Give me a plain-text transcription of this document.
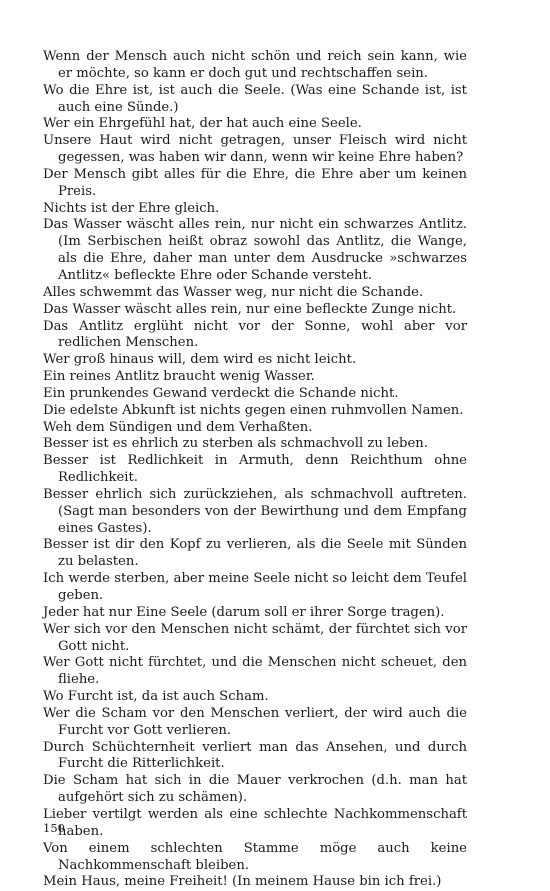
Wenn der Mensch auch nicht schön und reich sein kann, wie er möchte, so kann er doch gut und rechtschaffen sein.

Wo die Ehre ist, ist auch die Seele. (Was eine Schande ist, ist auch eine Sünde.)

Wer ein Ehrgefühl hat, der hat auch eine Seele.

Unsere Haut wird nicht getragen, unser Fleisch wird nicht gegessen, was haben wir dann, wenn wir keine Ehre haben?

Der Mensch gibt alles für die Ehre, die Ehre aber um keinen Preis.

Nichts ist der Ehre gleich.

Das Wasser wäscht alles rein, nur nicht ein schwarzes Antlitz. (Im Serbischen heißt obraz sowohl das Antlitz, die Wange, als die Ehre, daher man unter dem Ausdrucke »schwarzes Antlitz« befleckte Ehre oder Schande versteht.

Alles schwemmt das Wasser weg, nur nicht die Schande.

Das Wasser wäscht alles rein, nur eine befleckte Zunge nicht.

Das Antlitz erglüht nicht vor der Sonne, wohl aber vor redlichen Menschen.

Wer groß hinaus will, dem wird es nicht leicht.

Ein reines Antlitz braucht wenig Wasser.

Ein prunkendes Gewand verdeckt die Schande nicht.

Die edelste Abkunft ist nichts gegen einen ruhmvollen Namen.

Weh dem Sündigen und dem Verhaßten.

Besser ist es ehrlich zu sterben als schmachvoll zu leben.

Besser ist Redlichkeit in Armuth, denn Reichthum ohne Redlichkeit.

Besser ehrlich sich zurückziehen, als schmachvoll auftreten. (Sagt man besonders von der Bewirthung und dem Empfang eines Gastes).

Besser ist dir den Kopf zu verlieren, als die Seele mit Sünden zu belasten.

Ich werde sterben, aber meine Seele nicht so leicht dem Teufel geben.

Jeder hat nur Eine Seele (darum soll er ihrer Sorge tragen).

Wer sich vor den Menschen nicht schämt, der fürchtet sich vor Gott nicht.

Wer Gott nicht fürchtet, und die Menschen nicht scheuet, den fliehe.

Wo Furcht ist, da ist auch Scham.

Wer die Scham vor den Menschen verliert, der wird auch die Furcht vor Gott verlieren.

Durch Schüchternheit verliert man das Ansehen, und durch Furcht die Ritterlichkeit.

Die Scham hat sich in die Mauer verkrochen (d.h. man hat aufgehört sich zu schämen).

Lieber vertilgt werden als eine schlechte Nachkommenschaft haben.

Von einem schlechten Stamme möge auch keine Nachkommenschaft bleiben.

Mein Haus, meine Freiheit! (In meinem Hause bin ich frei.)

150
